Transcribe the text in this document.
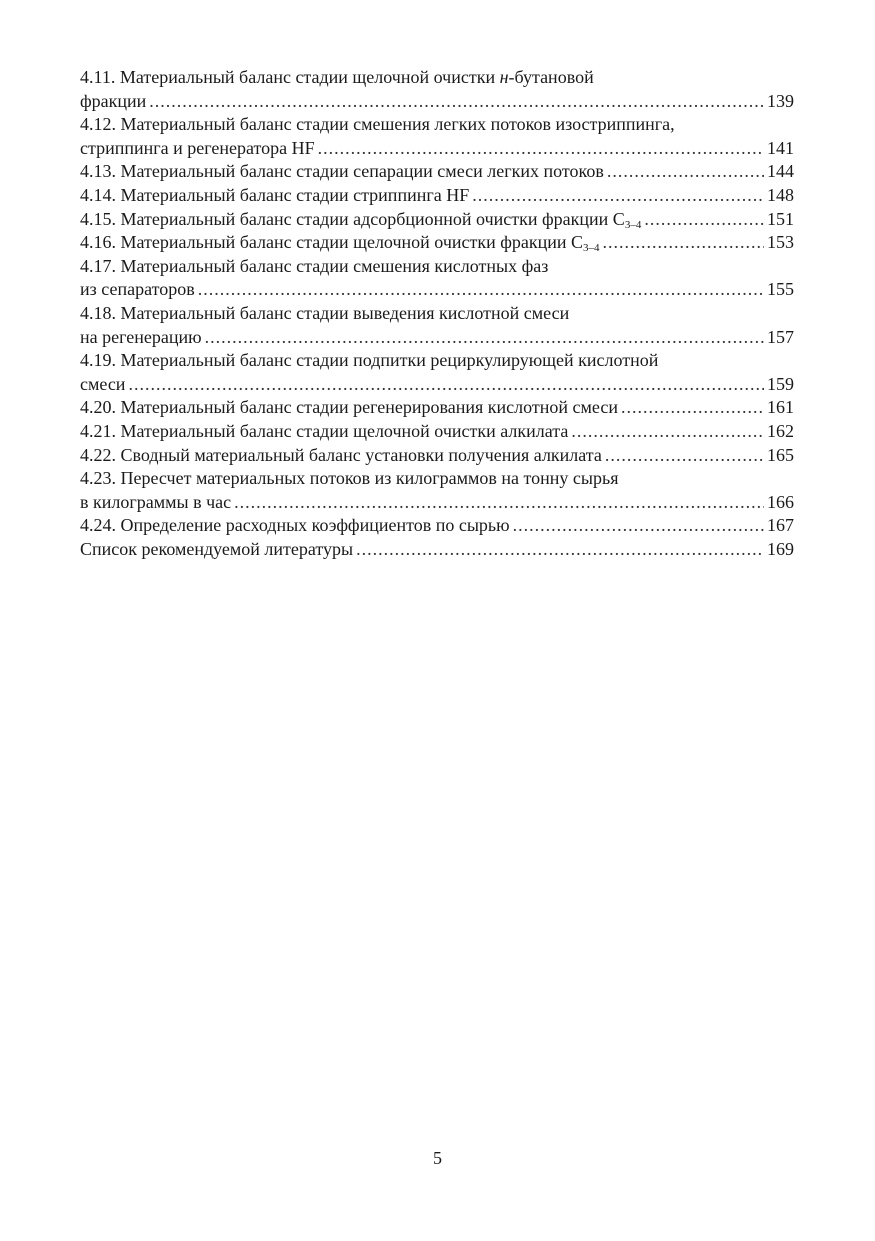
4.11. Материальный баланс стадии щелочной очистки н-бутановой
фракции .....	139
4.12. Материальный баланс стадии смешения легких потоков изостриппинга,
стриппинга и регенератора HF .....	141
4.13. Материальный баланс стадии сепарации смеси легких потоков .....	144
4.14. Материальный баланс стадии стриппинга HF .....	148
4.15. Материальный баланс стадии адсорбционной очистки фракции $С_{3-4}$ .....	151
4.16. Материальный баланс стадии щелочной очистки фракции $С_{3-4}$ .....	153
4.17. Материальный баланс стадии смешения кислотных фаз
из сепараторов .....	155
4.18. Материальный баланс стадии выведения кислотной смеси
на регенерацию .....	157
4.19. Материальный баланс стадии подпитки рециркулирующей кислотной
смеси .....	159
4.20. Материальный баланс стадии регенерирования кислотной смеси .....	161
4.21. Материальный баланс стадии щелочной очистки алкилата .....	162
4.22. Сводный материальный баланс установки получения алкилата .....	165
4.23. Пересчет материальных потоков из килограммов на тонну сырья
в килограммы в час .....	166
4.24. Определение расходных коэффициентов по сырью .....	167
Список рекомендуемой литературы .....	169
5
